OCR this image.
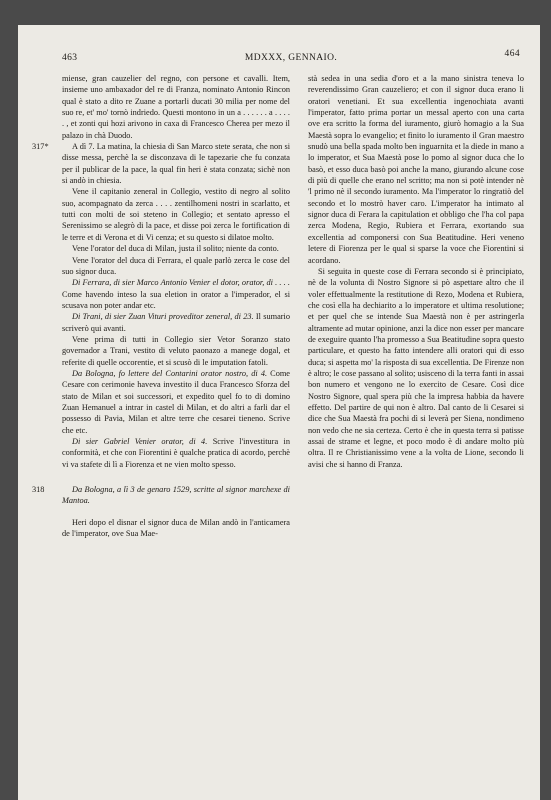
463	MDXXX, GENNAIO.	464

miense, gran cauzelier del regno, con persone et cavalli. Item, insieme uno ambaxador del re di Franza, nominato Antonio Rincon qual è stato a dito re Zuane a portarli ducati 30 milia per nome del suo re, et' mo' tornò indriedo. Questi montono in un a . . . . . . a . . . . . , et zonti qui hozi arivono in caxa di Francesco Cherea per mezo il palazo in chà Duodo.

317*	A dì 7. La matina, la chiesia di San Marco stete serata, che non si disse messa, perchè la se disconzava di le tapezarie che fu conzata per il publicar de la pace, la qual fin heri è stata conzata; sichè non si andò in chiesia.

Vene il capitanio zeneral in Collegio, vestito di negro al solito suo, acompagnato da zerca . . . . zentilhomeni nostri in scarlatto, et tutti con molti de soi steteno in Collegio; et sentato apresso el Serenissimo se alegrò di la pace, et disse poi zerca le fortification di le terre et di Verona et di Vi cenza; et su questo si dilatoe molto.

Vene l'orator del duca di Milan, justa il solito; niente da conto.

Vene l'orator del duca di Ferrara, el quale parlò zerca le cose del suo signor duca.

Di Ferrara, di sier Marco Antonio Venier el dotor, orator, di . . . . Come havendo inteso la sua eletion in orator a l'imperador, el si scusava non poter andar etc.

Di Trani, di sier Zuan Vituri proveditor zeneral, di 23. Il sumario scriverò qui avanti.

Vene prima di tutti in Collegio sier Vetor Soranzo stato governador a Trani, vestito di veluto paonazo a manege dogal, et referite di quelle occorentie, et si scusò di le imputation fatoli.

Da Bologna, fo lettere del Contarini orator nostro, di 4. Come Cesare con cerimonie haveva investito il duca Francesco Sforza del stato de Milan et soi successori, et expedito quel fo to di domino Zuan Hemanuel a intrar in castel di Milan, et do altri a farli dar el possesso di Pavia, Milan et altre terre che cesarei tieneno. Scrive che etc.

Di sier Gabriel Venier orator, di 4. Scrive l'investitura in conformità, et che con Fiorentini è qualche pratica di acordo, perchè vi va stafete di lì a Fiorenza et ne vien molto spesso.

318	Da Bologna, a lì 3 de genaro 1529, scritte al signor marchexe di Mantoa.

Heri dopo el disnar el signor duca de Milan andò in l'anticamera de l'imperator, ove Sua Mae-

stà sedea in una sedia d'oro et a la mano sinistra teneva lo reverendissimo Gran cauzeliero; et con il signor duca erano li oratori venetiani. Et sua excellentia ingenochiata avanti l'imperator, fatto prima portar un messal aperto con una carta ove era scritto la forma del iuramento, giurò homagio a la Sua Maestà sopra lo evangelio; et finito lo iuramento il Gran maestro snudò una bella spada molto ben inguarnita et la diede in mano a lo imperator, et Sua Maestà pose lo pomo al signor duca che lo basò, et esso duca basò poi anche la mano, giurando alcune cose di più di quelle che erano nel scritto; ma non si potè intender nè 'l primo nè il secondo iuramento. Ma l'imperator lo ringratiò del secondo et lo mostrò haver caro. L'imperator ha intimato al signor duca di Ferara la capitulation et obbligo che l'ha col papa zerca Modena, Regio, Rubiera et Ferrara, exortando sua excellentia ad componersi con Sua Beatitudine. Heri veneno letere di Fiorenza per le qual si sparse la voce che Fiorentini si acordano.

Si seguita in queste cose di Ferrara secondo si è principiato, nè de la volunta di Nostro Signore si pò aspettare altro che il voler effettualmente la restitutione di Rezo, Modena et Rubiera, che così ella ha dechiarito a lo imperatore et ultima resolutione; et per quel che se intende Sua Maestà non è per astringerla altramente ad mutar opinione, anzi la dice non esser per mancare de exeguire quanto l'ha promesso a Sua Beatitudine sopra questo particulare, et questo ha fatto intendere alli oratori qui di esso duca; si aspetta mo' la risposta di sua excellentia. De Firenze non è altro; le cose passano al solito; usisceno di la terra fanti in assai bon numero et vengono ne lo exercito de Cesare. Così dice Nostro Signore, qual spera più che la impresa habbia da havere effetto. Del partire de qui non è altro. Dal canto de li Cesarei si dice che Sua Maestà fra pochi dì si leverà per Siena, nondimeno non vedo che ne sia certeza. Certo è che in questa terra si patisse assai de strame et legne, et poco modo è di andare molto più oltra. Il re Christianissimo vene a la volta de Lione, secondo li avisi che si hanno di Franza.
